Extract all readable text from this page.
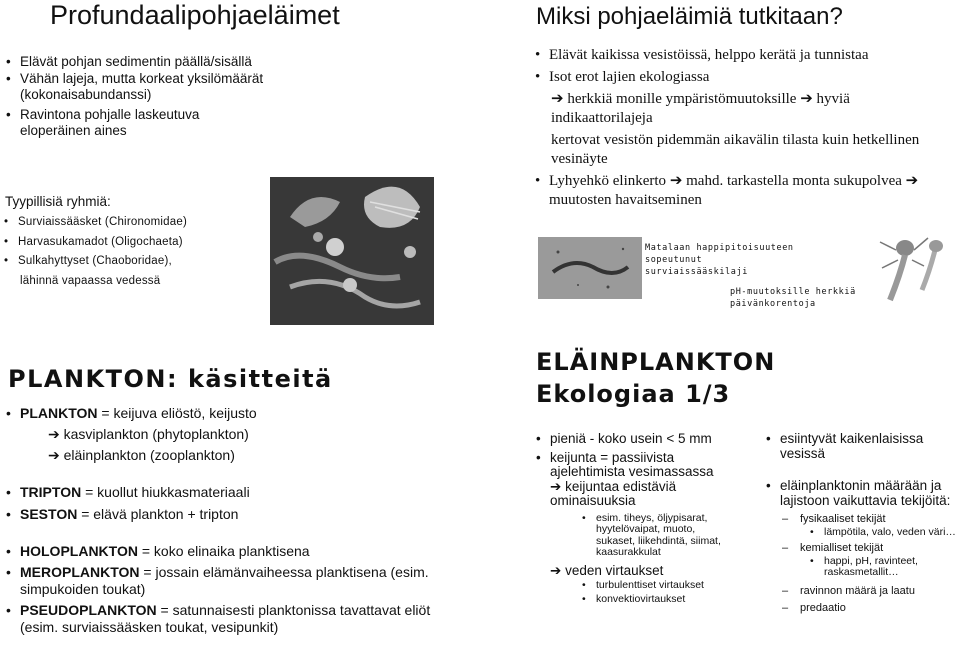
Profundaalipohjaeläimet
• Elävät pohjan sedimentin päällä/sisällä
• Vähän lajeja, mutta korkeat yksilömäärät (kokonaisabundanssi)
• Ravintona pohjalle laskeutuva eloperäinen aines
Tyypillisiä ryhmiä:
• Surviaissääsket (Chironomidae)
• Harvasukamadot (Oligochaeta)
• Sulkahyttyset (Chaoboridae),
lähinnä vapaassa vedessä
Miksi pohjaeläimiä tutkitaan?
• Elävät kaikissa vesistöissä, helppo kerätä ja tunnistaa
• Isot erot lajien ekologiassa
➔ herkkiä monille ympäristömuutoksille ➔ hyviä indikaattorilajeja
kertovat vesistön pidemmän aikavälin tilasta kuin hetkellinen vesinäyte
• Lyhyehkö elinkerto ➔ mahd. tarkastella monta sukupolvea ➔ muutosten havaitseminen
Matalaan happipitoisuuteen sopeutunut surviaissääskilaji
pH-muutoksille herkkiä päivänkorentoja
PLANKTON: käsitteitä
• PLANKTON = keijuva eliöstö, keijusto
➔ kasviplankton (phytoplankton)
➔ eläinplankton (zooplankton)
• TRIPTON = kuollut hiukkasmateriaali
• SESTON = elävä plankton + tripton
• HOLOPLANKTON = koko elinaika planktisena
• MEROPLANKTON = jossain elämänvaiheessa planktisena (esim. simpukoiden toukat)
• PSEUDOPLANKTON = satunnaisesti planktonissa tavattavat eliöt (esim. surviaissääsken toukat, vesipunkit)
ELÄINPLANKTON
Ekologiaa 1/3
• pieniä - koko usein < 5 mm
• keijunta = passiivista ajelehtimista vesimassassa
➔ keijuntaa edistäviä ominaisuuksia
• esim. tiheys, öljypisarat, hyytelövaipat, muoto, sukaset, liikehdintä, siimat, kaasurakkulat
➔ veden virtaukset
• turbulenttiset virtaukset
• konvektiovirtaukset
• esiintyvät kaikenlaisissa vesissä
• eläinplanktonin määrään ja lajistoon vaikuttavia tekijöitä:
– fysikaaliset tekijät
• lämpötila, valo, veden väri…
– kemialliset tekijät
• happi, pH, ravinteet, raskasmetallit…
– ravinnon määrä ja laatu
– predaatio
